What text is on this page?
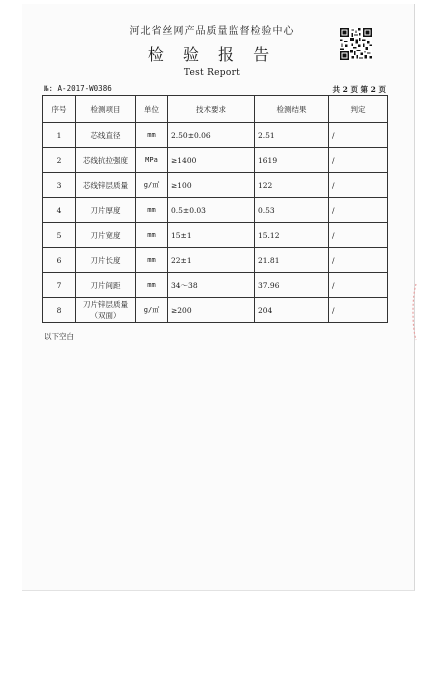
河北省丝网产品质量监督检验中心
检 验 报 告
Test Report
№: A-2017-W0386	共 2 页 第 2 页
序号	检测项目	单位	技术要求	检测结果	判定
1	芯线直径	mm	2.50±0.06	2.51	/
2	芯线抗拉强度	MPa	≥1400	1619	/
3	芯线锌层质量	g/㎡	≥100	122	/
4	刀片厚度	mm	0.5±0.03	0.53	/
5	刀片宽度	mm	15±1	15.12	/
6	刀片长度	mm	22±1	21.81	/
7	刀片间距	mm	34～38	37.96	/
8	刀片锌层质量（双面）	g/㎡	≥200	204	/
以下空白
